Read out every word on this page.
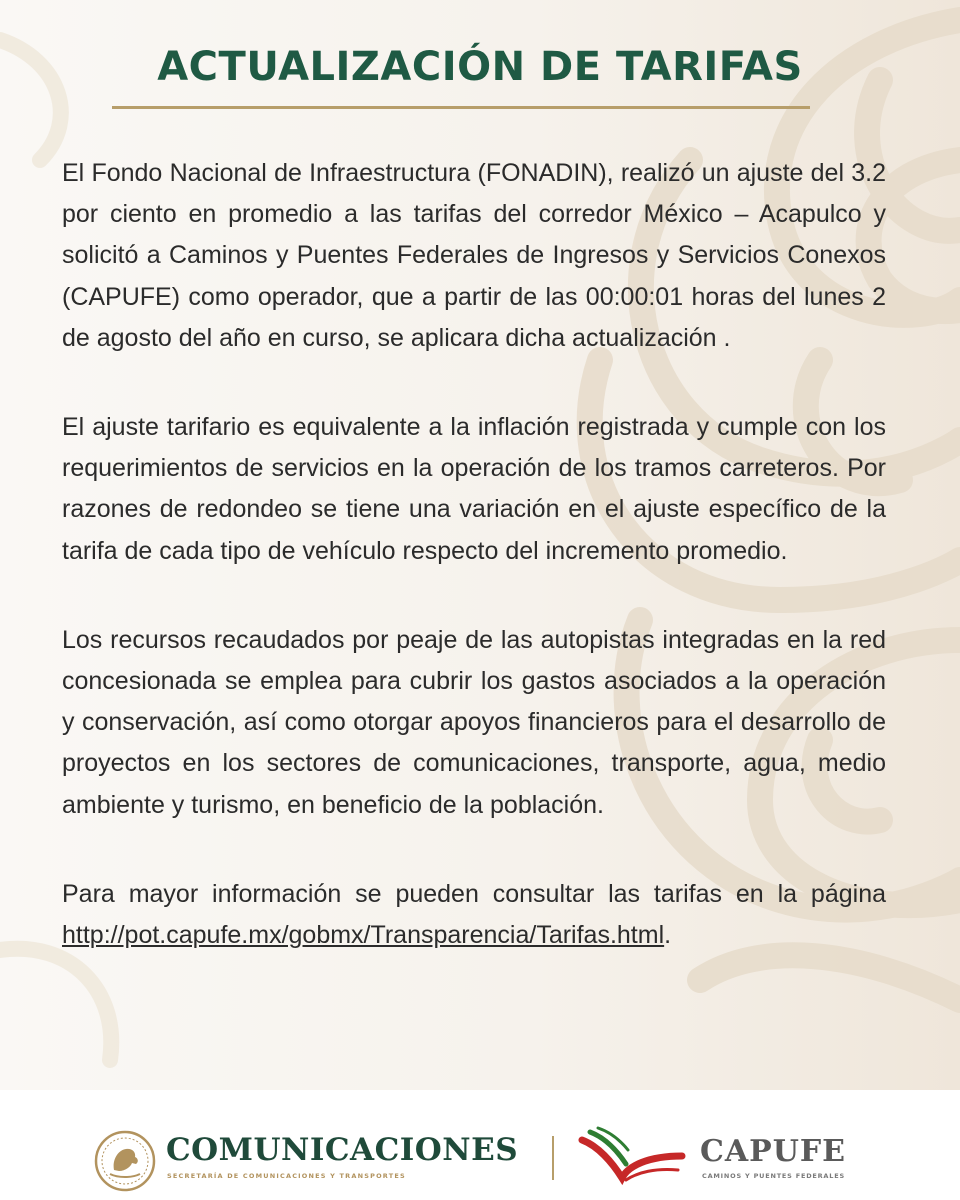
ACTUALIZACIÓN DE TARIFAS

El Fondo Nacional de Infraestructura (FONADIN), realizó un ajuste del 3.2 por ciento en promedio a las tarifas del corredor México – Acapulco y solicitó a Caminos y Puentes Federales de Ingresos y Servicios Conexos (CAPUFE) como operador, que a partir de las 00:00:01 horas del lunes 2 de agosto del año en curso, se aplicara dicha actualización .

El ajuste tarifario es equivalente a la inflación registrada y cumple con los requerimientos de servicios en la operación de los tramos carreteros. Por razones de redondeo se tiene una variación en el ajuste específico de la tarifa de cada tipo de vehículo respecto del incremento promedio.

Los recursos recaudados por peaje de las autopistas integradas en la red concesionada se emplea para cubrir los gastos asociados a la operación y conservación, así como otorgar apoyos financieros para el desarrollo de proyectos en los sectores de comunicaciones, transporte, agua, medio ambiente y turismo, en beneficio de la población.

Para mayor información se pueden consultar las tarifas en la página http://pot.capufe.mx/gobmx/Transparencia/Tarifas.html.

COMUNICACIONES
SECRETARÍA DE COMUNICACIONES Y TRANSPORTES
CAPUFE
CAMINOS Y PUENTES FEDERALES
